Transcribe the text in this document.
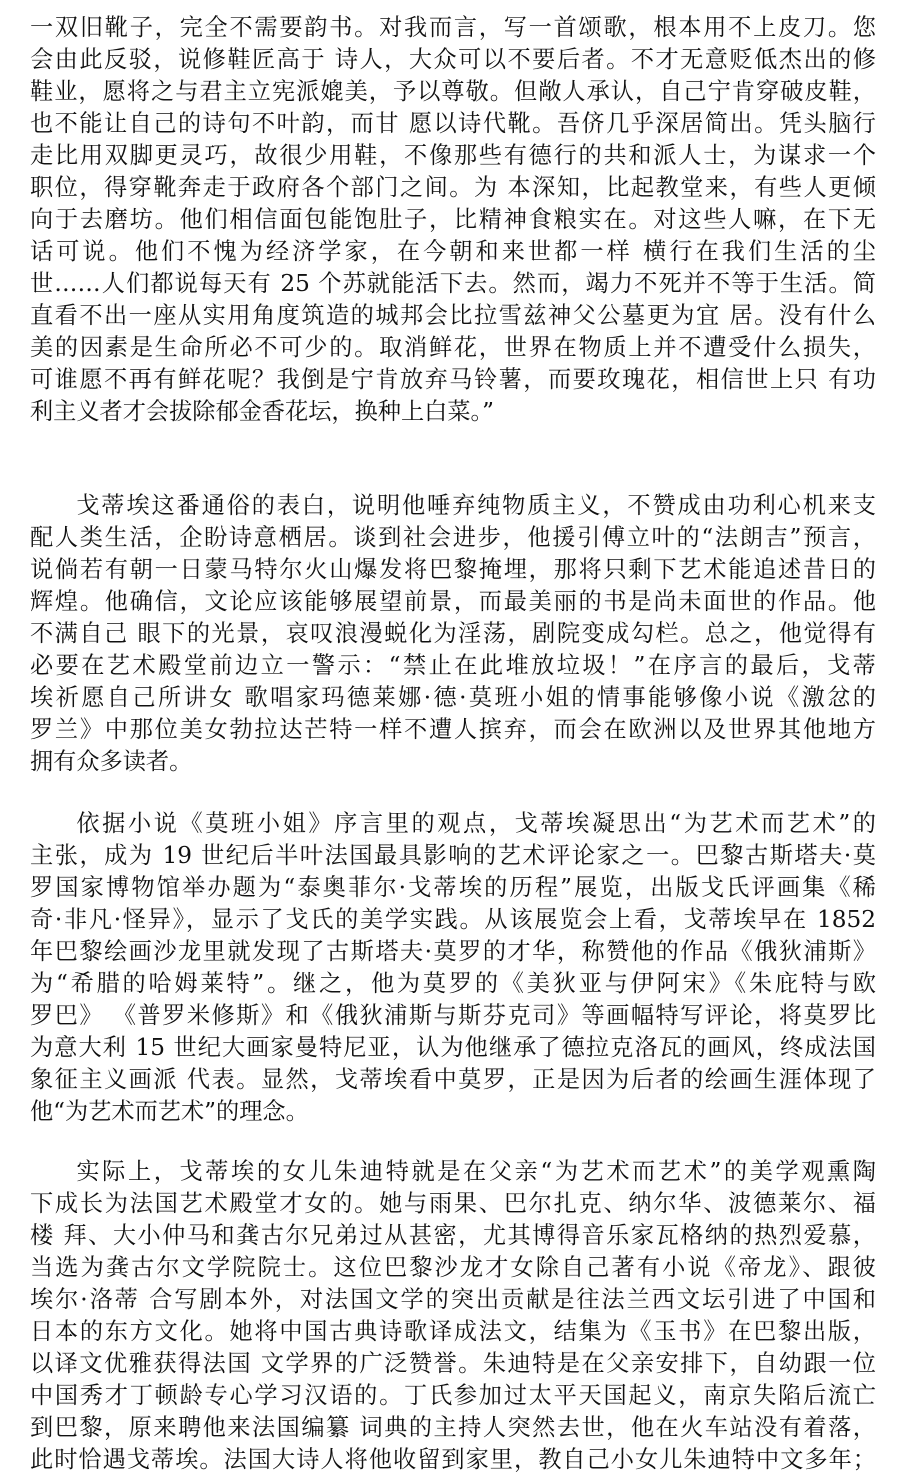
一双旧靴子，完全不需要韵书。对我而言，写一首颂歌，根本用不上皮刀。您
会由此反驳，说修鞋匠高于 诗人，大众可以不要后者。不才无意贬低杰出的修
鞋业，愿将之与君主立宪派媲美，予以尊敬。但敞人承认，自己宁肯穿破皮鞋，
也不能让自己的诗句不叶韵，而甘 愿以诗代靴。吾侪几乎深居简出。凭头脑行
走比用双脚更灵巧，故很少用鞋，不像那些有德行的共和派人士，为谋求一个
职位，得穿靴奔走于政府各个部门之间。为 本深知，比起教堂来，有些人更倾
向于去磨坊。他们相信面包能饱肚子，比精神食粮实在。对这些人嘛，在下无
话可说。他们不愧为经济学家，在今朝和来世都一样 横行在我们生活的尘
世……人们都说每天有 25 个苏就能活下去。然而，竭力不死并不等于生活。简
直看不出一座从实用角度筑造的城邦会比拉雪兹神父公墓更为宜 居。没有什么
美的因素是生命所必不可少的。取消鲜花，世界在物质上并不遭受什么损失，
可谁愿不再有鲜花呢？我倒是宁肯放弃马铃薯，而要玫瑰花，相信世上只 有功
利主义者才会拔除郁金香花坛，换种上白菜。”

戈蒂埃这番通俗的表白，说明他唾弃纯物质主义，不赞成由功利心机来支
配人类生活，企盼诗意栖居。谈到社会进步，他援引傅立叶的“法朗吉”预言，
说倘若有朝一日蒙马特尔火山爆发将巴黎掩埋，那将只剩下艺术能追述昔日的
辉煌。他确信，文论应该能够展望前景，而最美丽的书是尚未面世的作品。他
不满自己 眼下的光景，哀叹浪漫蜕化为淫荡，剧院变成勾栏。总之，他觉得有
必要在艺术殿堂前边立一警示：“禁止在此堆放垃圾！”在序言的最后，戈蒂
埃祈愿自己所讲女 歌唱家玛德莱娜·德·莫班小姐的情事能够像小说《激忿的
罗兰》中那位美女勃拉达芒特一样不遭人摈弃，而会在欧洲以及世界其他地方
拥有众多读者。

依据小说《莫班小姐》序言里的观点，戈蒂埃凝思出“为艺术而艺术”的
主张，成为 19 世纪后半叶法国最具影响的艺术评论家之一。巴黎古斯塔夫·莫
罗国家博物馆举办题为“泰奥菲尔·戈蒂埃的历程”展览，出版戈氏评画集《稀
奇·非凡·怪异》，显示了戈氏的美学实践。从该展览会上看，戈蒂埃早在 1852
年巴黎绘画沙龙里就发现了古斯塔夫·莫罗的才华，称赞他的作品《俄狄浦斯》
为“希腊的哈姆莱特”。继之，他为莫罗的《美狄亚与伊阿宋》《朱庇特与欧
罗巴》 《普罗米修斯》和《俄狄浦斯与斯芬克司》等画幅特写评论，将莫罗比
为意大利 15 世纪大画家曼特尼亚，认为他继承了德拉克洛瓦的画风，终成法国
象征主义画派 代表。显然，戈蒂埃看中莫罗，正是因为后者的绘画生涯体现了
他“为艺术而艺术”的理念。

实际上，戈蒂埃的女儿朱迪特就是在父亲“为艺术而艺术”的美学观熏陶
下成长为法国艺术殿堂才女的。她与雨果、巴尔扎克、纳尔华、波德莱尔、福
楼 拜、大小仲马和龚古尔兄弟过从甚密，尤其博得音乐家瓦格纳的热烈爱慕，
当选为龚古尔文学院院士。这位巴黎沙龙才女除自己著有小说《帝龙》、跟彼
埃尔·洛蒂 合写剧本外，对法国文学的突出贡献是往法兰西文坛引进了中国和
日本的东方文化。她将中国古典诗歌译成法文，结集为《玉书》在巴黎出版，
以译文优雅获得法国 文学界的广泛赞誉。朱迪特是在父亲安排下，自幼跟一位
中国秀才丁顿龄专心学习汉语的。丁氏参加过太平天国起义，南京失陷后流亡
到巴黎，原来聘他来法国编纂 词典的主持人突然去世，他在火车站没有着落，
此时恰遇戈蒂埃。法国大诗人将他收留到家里，教自己小女儿朱迪特中文多年；
